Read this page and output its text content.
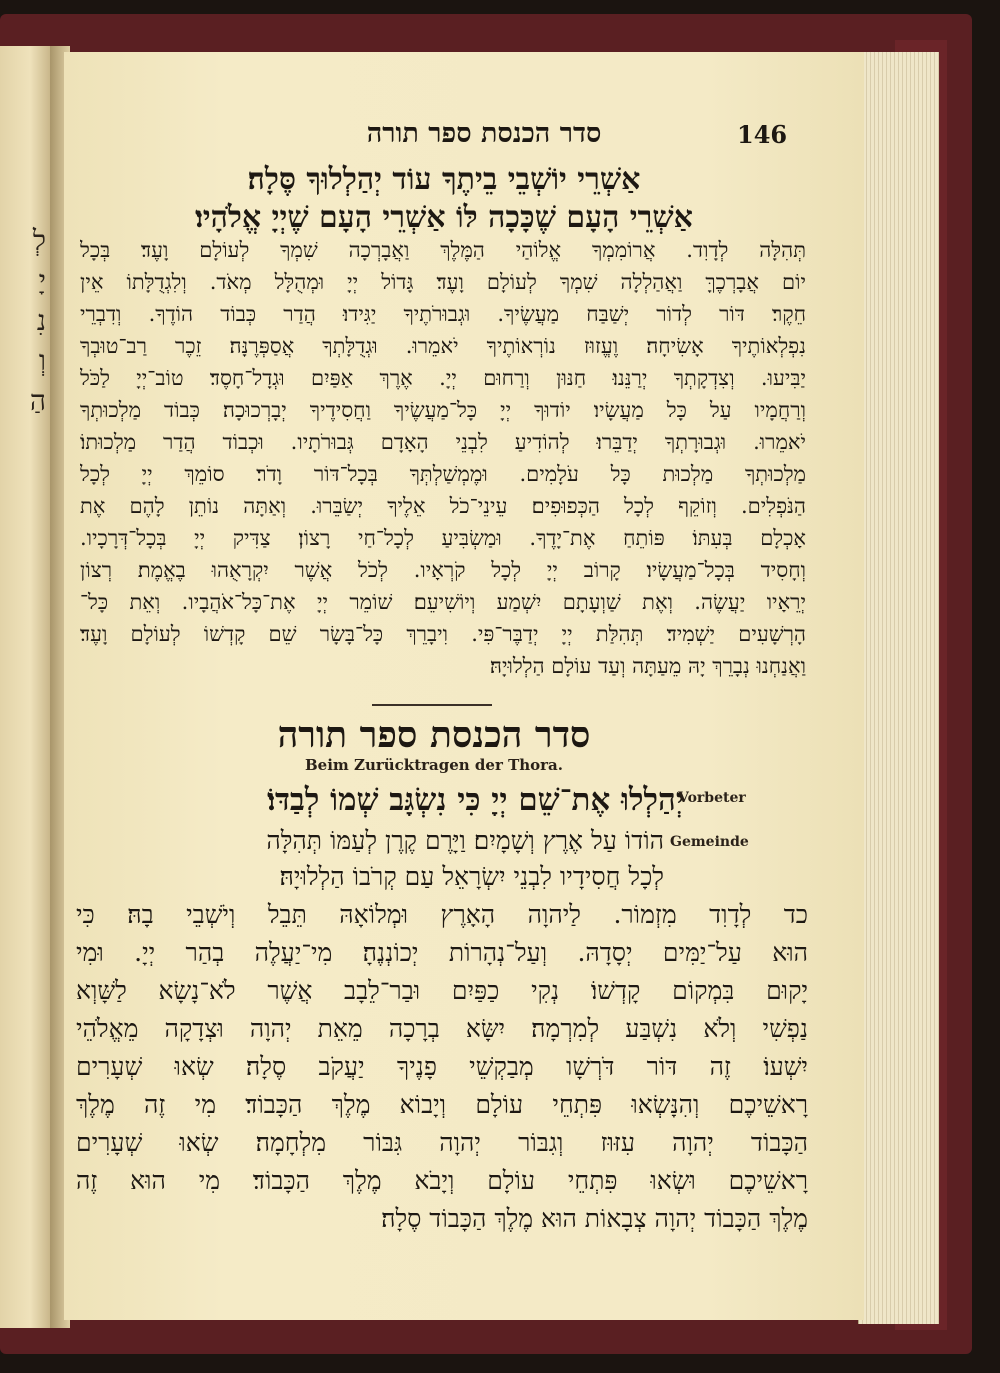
לְ
יָ
נִ
וְ
הַ
סדר הכנסת ספר תורה	146
אַשְׁרֵי יוֹשְׁבֵי בֵיתֶךָ עוֹד יְהַלְלוּךָ סֶּלָה׃
אַשְׁרֵי הָעָם שֶׁכָּכָה לּוֹ אַשְׁרֵי הָעָם שֶׁיְיָ אֱלֹהָיו׃
תְּהִלָּה לְדָוִד. אֲרוֹמִמְךָ אֱלוֹהַי הַמֶּלֶךְ וַאֲבָרְכָה שִׁמְךָ לְעוֹלָם וָעֶד׃ בְּכָל
יוֹם אֲבָרְכֶךָּ וַאֲהַלְלָה שִׁמְךָ לְעוֹלָם וָעֶד׃ גָּדוֹל יְיָ וּמְהֻלָּל מְאֹד. וְלִגְדֻלָּתוֹ אֵין
חֵקֶר׃ דּוֹר לְדוֹר יְשַׁבַּח מַעֲשֶׂיךָ. וּגְבוּרֹתֶיךָ יַגִּידוּ׃ הֲדַר כְּבוֹד הוֹדֶךָ. וְדִבְרֵי
נִפְלְאוֹתֶיךָ אָשִׂיחָה׃ וֶעֱזוּז נוֹרְאוֹתֶיךָ יֹאמֵרוּ. וּגְדֻלָּתְךָ אֲסַפְּרֶנָּה׃ זֵכֶר רַב־טוּבְךָ
יַבִּיעוּ. וְצִדְקָתְךָ יְרַנֵּנוּ׃ חַנּוּן וְרַחוּם יְיָ. אֶרֶךְ אַפַּיִם וּגְדָל־חָסֶד׃ טוֹב־יְיָ לַכֹּל
וְרַחֲמָיו עַל כָּל מַעֲשָׂיו׃ יוֹדוּךָ יְיָ כָּל־מַעֲשֶׂיךָ וַחֲסִידֶיךָ יְבָרְכוּכָה׃ כְּבוֹד מַלְכוּתְךָ
יֹאמֵרוּ. וּגְבוּרָתְךָ יְדַבֵּרוּ׃ לְהוֹדִיעַ לִבְנֵי הָאָדָם גְּבוּרֹתָיו. וּכְבוֹד הֲדַר מַלְכוּתוֹ׃
מַלְכוּתְךָ מַלְכוּת כָּל עֹלָמִים. וּמֶמְשַׁלְתְּךָ בְּכָל־דּוֹר וָדֹר׃ סוֹמֵךְ יְיָ לְכָל
הַנֹּפְלִים. וְזוֹקֵף לְכָל הַכְּפוּפִים׃ עֵינֵי־כֹל אֵלֶיךָ יְשַׂבֵּרוּ. וְאַתָּה נוֹתֵן לָהֶם אֶת
אָכְלָם בְּעִתּוֹ׃ פּוֹתֵחַ אֶת־יָדֶךָ. וּמַשְׂבִּיעַ לְכָל־חַי רָצוֹן׃ צַדִּיק יְיָ בְּכָל־דְּרָכָיו.
וְחָסִיד בְּכָל־מַעֲשָׂיו׃ קָרוֹב יְיָ לְכָל קֹרְאָיו. לְכֹל אֲשֶׁר יִקְרָאֻהוּ בֶאֱמֶת׃ רְצוֹן
יְרֵאָיו יַעֲשֶׂה. וְאֶת שַׁוְעָתָם יִשְׁמַע וְיוֹשִׁיעֵם׃ שׁוֹמֵר יְיָ אֶת־כָּל־אֹהֲבָיו. וְאֵת כָּל־
הָרְשָׁעִים יַשְׁמִיד׃ תְּהִלַּת יְיָ יְדַבֶּר־פִּי. וִיבָרֵךְ כָּל־בָּשָׂר שֵׁם קָדְשׁוֹ לְעוֹלָם וָעֶד׃
וַאֲנַחְנוּ נְבָרֵךְ יָהּ מֵעַתָּה וְעַד עוֹלָם הַלְלוּיָהּ׃
סדר הכנסת ספר תורה
Beim Zurücktragen der Thora.
יְהַלְלוּ אֶת־שֵׁם יְיָ כִּי נִשְׂגָּב שְׁמוֹ לְבַדּוֹ׃
Vorbeter
הוֹדוֹ עַל אֶרֶץ וְשָׁמָיִם׃ וַיָּרֶם קֶרֶן לְעַמּוֹ תְּהִלָּה Gemeinde
לְכָל חֲסִידָיו לִבְנֵי יִשְׂרָאֵל עַם קְרֹבוֹ הַלְלוּיָהּ׃
כד לְדָוִד מִזְמוֹר. לַיהוָה הָאָרֶץ וּמְלוֹאָהּ תֵּבֵל וְיֹשְׁבֵי בָהּ׃ כִּי
הוּא עַל־יַמִּים יְסָדָהּ. וְעַל־נְהָרוֹת יְכוֹנְנֶהָ׃ מִי־יַעֲלֶה בְהַר יְיָ. וּמִי
יָקוּם בִּמְקוֹם קָדְשׁוֹ׃ נְקִי כַפַּיִם וּבַר־לֵבָב אֲשֶׁר לֹא־נָשָׂא לַשָּׁוְא
נַפְשִׁי וְלֹא נִשְׁבַּע לְמִרְמָה׃ יִשָּׂא בְרָכָה מֵאֵת יְהוָה וּצְדָקָה מֵאֱלֹהֵי
יִשְׁעוֹ׃ זֶה דּוֹר דֹּרְשָׁו מְבַקְשֵׁי פָנֶיךָ יַעֲקֹב סֶלָה׃ שְׂאוּ שְׁעָרִים
רָאשֵׁיכֶם וְהִנָּשְׂאוּ פִּתְחֵי עוֹלָם וְיָבוֹא מֶלֶךְ הַכָּבוֹד׃ מִי זֶה מֶלֶךְ
הַכָּבוֹד יְהוָה עִזּוּז וְגִבּוֹר יְהוָה גִּבּוֹר מִלְחָמָה׃ שְׂאוּ שְׁעָרִים
רָאשֵׁיכֶם וּשְׂאוּ פִּתְחֵי עוֹלָם וְיָבֹא מֶלֶךְ הַכָּבוֹד׃ מִי הוּא זֶה
מֶלֶךְ הַכָּבוֹד יְהוָה צְבָאוֹת הוּא מֶלֶךְ הַכָּבוֹד סֶלָה׃
